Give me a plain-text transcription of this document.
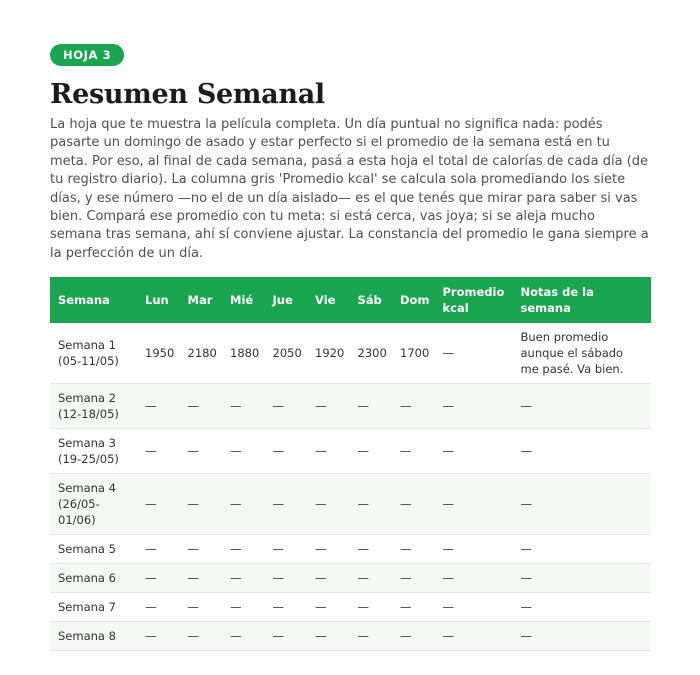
HOJA 3
Resumen Semanal

La hoja que te muestra la película completa. Un día puntual no significa nada: podés pasarte un domingo de asado y estar perfecto si el promedio de la semana está en tu meta. Por eso, al final de cada semana, pasá a esta hoja el total de calorías de cada día (de tu registro diario). La columna gris 'Promedio kcal' se calcula sola promediando los siete días, y ese número —no el de un día aislado— es el que tenés que mirar para saber si vas bien. Compará ese promedio con tu meta: si está cerca, vas joya; si se aleja mucho semana tras semana, ahí sí conviene ajustar. La constancia del promedio le gana siempre a la perfección de un día.

Semana	Lun	Mar	Mié	Jue	Vie	Sáb	Dom	Promedio kcal	Notas de la semana
Semana 1 (05-11/05)	1950	2180	1880	2050	1920	2300	1700	—	Buen promedio aunque el sábado me pasé. Va bien.
Semana 2 (12-18/05)	—	—	—	—	—	—	—	—	—
Semana 3 (19-25/05)	—	—	—	—	—	—	—	—	—
Semana 4 (26/05-01/06)	—	—	—	—	—	—	—	—	—
Semana 5	—	—	—	—	—	—	—	—	—
Semana 6	—	—	—	—	—	—	—	—	—
Semana 7	—	—	—	—	—	—	—	—	—
Semana 8	—	—	—	—	—	—	—	—	—
